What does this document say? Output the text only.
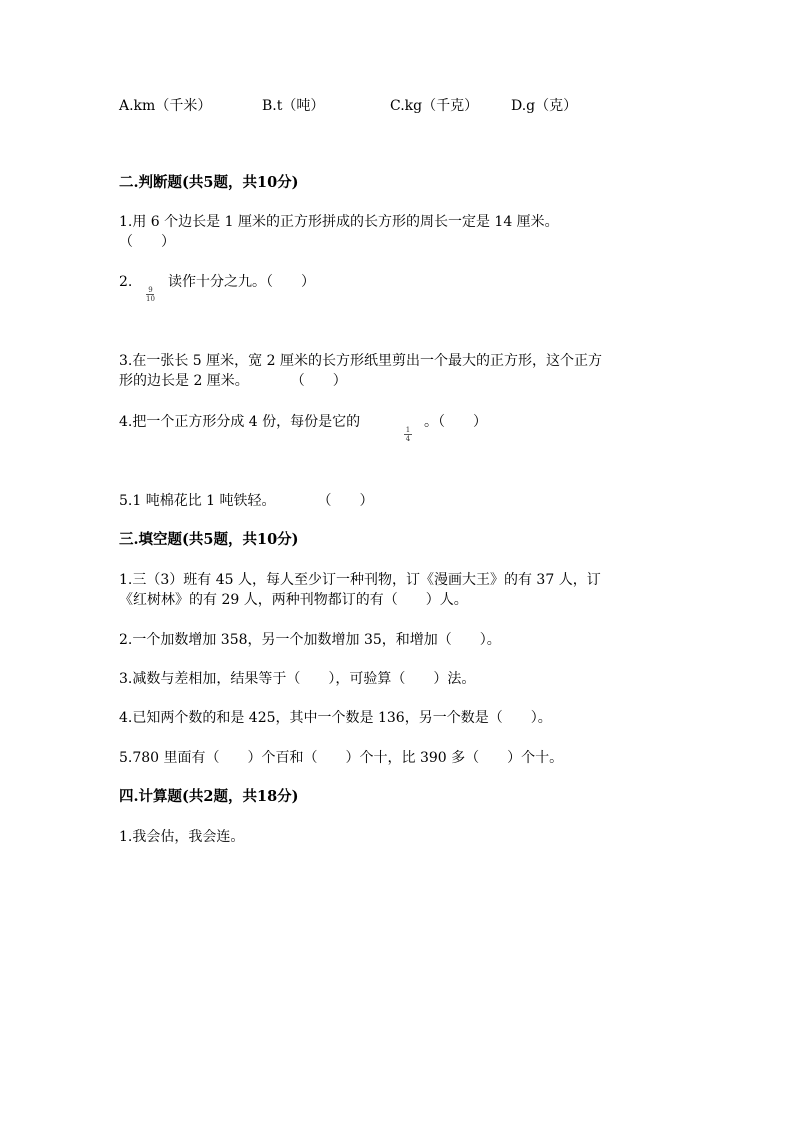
A.km（千米）	B.t（吨）	C.kg（千克） D.g（克）
二.判断题(共5题，共10分)
1.用 6 个边长是 1 厘米的正方形拼成的长方形的周长一定是 14 厘米。
（　　）
2. 9
10
读作十分之九。（　　）
3.在一张长 5 厘米，宽 2 厘米的长方形纸里剪出一个最大的正方形，这个正方
形的边长是 2 厘米。　　　　（　　）
4.把一个正方形分成 4 份，每份是它的	1
4
。（　　）
5.1 吨棉花比 1 吨铁轻。　　　　（　　）
三.填空题(共5题，共10分)
1.三（3）班有 45 人，每人至少订一种刊物，订《漫画大王》的有 37 人，订
《红树林》的有 29 人，两种刊物都订的有（　　）人。
2.一个加数增加 358，另一个加数增加 35，和增加（　　）。
3.减数与差相加，结果等于（　　），可验算（　　）法。
4.已知两个数的和是 425，其中一个数是 136，另一个数是（　　）。
5.780 里面有（　　）个百和（　　）个十，比 390 多（　　）个十。
四.计算题(共2题，共18分)
1.我会估，我会连。
